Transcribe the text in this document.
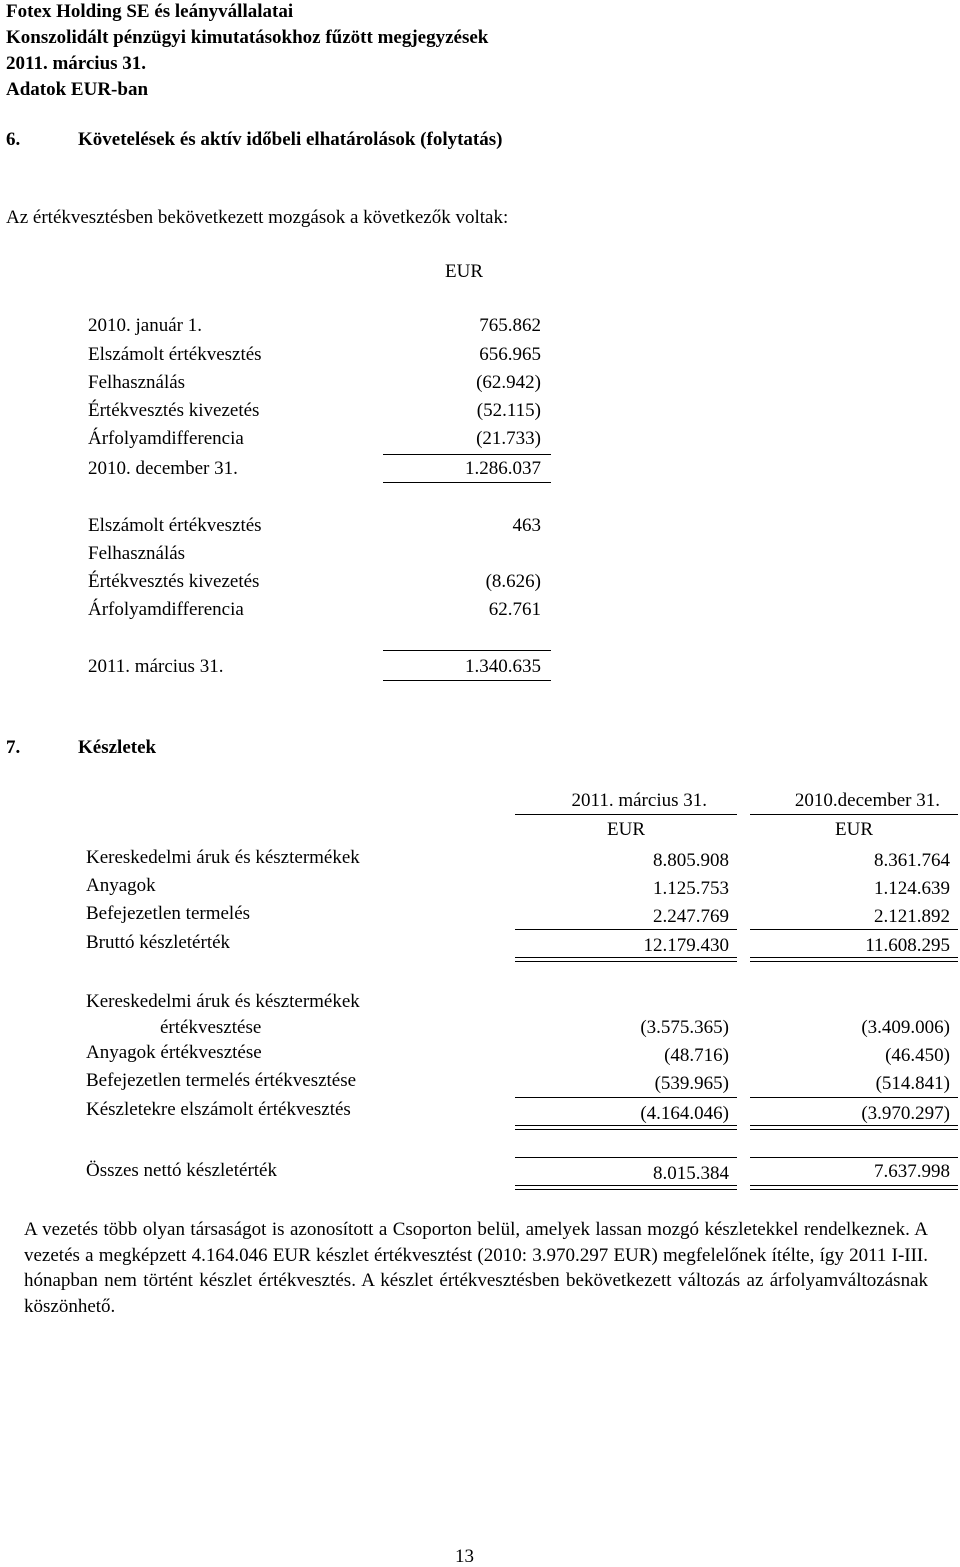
Fotex Holding SE és leányvállalatai
Konszolidált pénzügyi kimutatásokhoz fűzött megjegyzések
2011. március 31.
Adatok EUR-ban
6.	Követelések és aktív időbeli elhatárolások (folytatás)
Az értékvesztésben bekövetkezett mozgások a következők voltak:
EUR
2010. január 1.	765.862
Elszámolt értékvesztés	656.965
Felhasználás	(62.942)
Értékvesztés kivezetés	(52.115)
Árfolyamdifferencia	(21.733)
2010. december 31.	1.286.037
Elszámolt értékvesztés	463
Felhasználás
Értékvesztés kivezetés	(8.626)
Árfolyamdifferencia	62.761
2011. március 31.	1.340.635
7.	Készletek
2011. március 31.	2010.december 31.
EUR	EUR
Kereskedelmi áruk és késztermékek	8.805.908	8.361.764
Anyagok	1.125.753	1.124.639
Befejezetlen termelés	2.247.769	2.121.892
Bruttó készletérték	12.179.430	11.608.295
Kereskedelmi áruk és késztermékek
értékvesztése	(3.575.365)	(3.409.006)
Anyagok értékvesztése	(48.716)	(46.450)
Befejezetlen termelés értékvesztése	(539.965)	(514.841)
Készletekre elszámolt értékvesztés	(4.164.046)	(3.970.297)
Összes nettó készletérték	8.015.384	7.637.998
A vezetés több olyan társaságot is azonosított a Csoporton belül, amelyek lassan mozgó készletekkel rendelkeznek. A vezetés a megképzett 4.164.046 EUR készlet értékvesztést (2010: 3.970.297 EUR) megfelelőnek ítélte, így 2011 I-III. hónapban nem történt készlet értékvesztés. A készlet értékvesztésben bekövetkezett változás az árfolyamváltozásnak köszönhető.
13
